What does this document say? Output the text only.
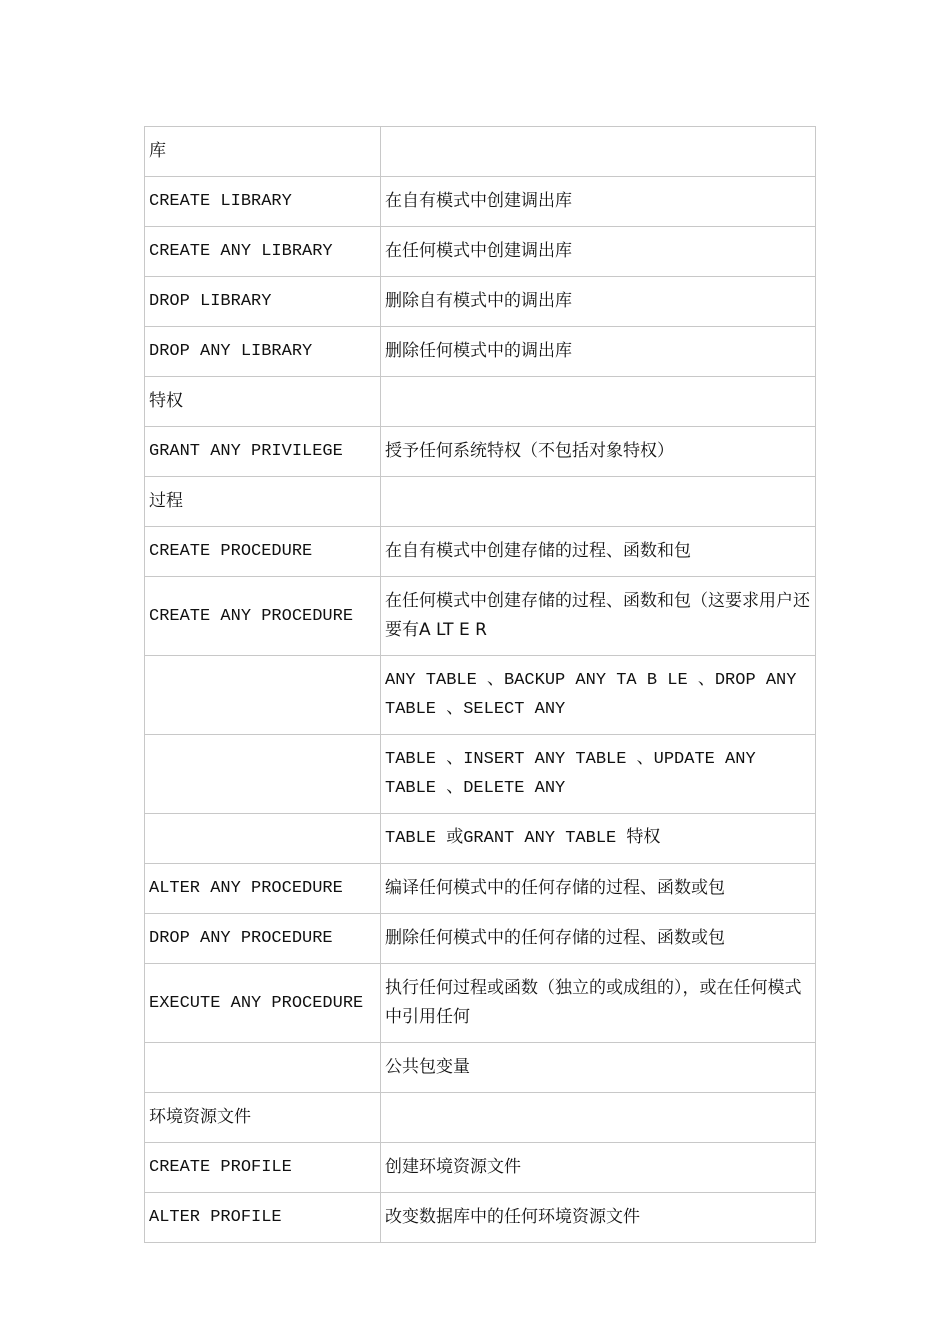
库	
CREATE LIBRARY	在自有模式中创建调出库
CREATE ANY LIBRARY	在任何模式中创建调出库
DROP LIBRARY	删除自有模式中的调出库
DROP ANY LIBRARY	删除任何模式中的调出库
特权	
GRANT ANY PRIVILEGE	授予任何系统特权（不包括对象特权）
过程	
CREATE PROCEDURE	在自有模式中创建存储的过程、函数和包
CREATE ANY PROCEDURE	在任何模式中创建存储的过程、函数和包（这要求用户还要有A LT E R
	ANY TABLE 、BACKUP ANY TA B LE 、DROP ANY TABLE 、SELECT ANY
	TABLE 、INSERT ANY TABLE 、UPDATE ANY TABLE 、DELETE ANY
	TABLE 或GRANT ANY TABLE 特权
ALTER ANY PROCEDURE	编译任何模式中的任何存储的过程、函数或包
DROP ANY PROCEDURE	删除任何模式中的任何存储的过程、函数或包
EXECUTE ANY PROCEDURE	执行任何过程或函数（独立的或成组的），或在任何模式中引用任何
	公共包变量
环境资源文件	
CREATE PROFILE	创建环境资源文件
ALTER PROFILE	改变数据库中的任何环境资源文件
